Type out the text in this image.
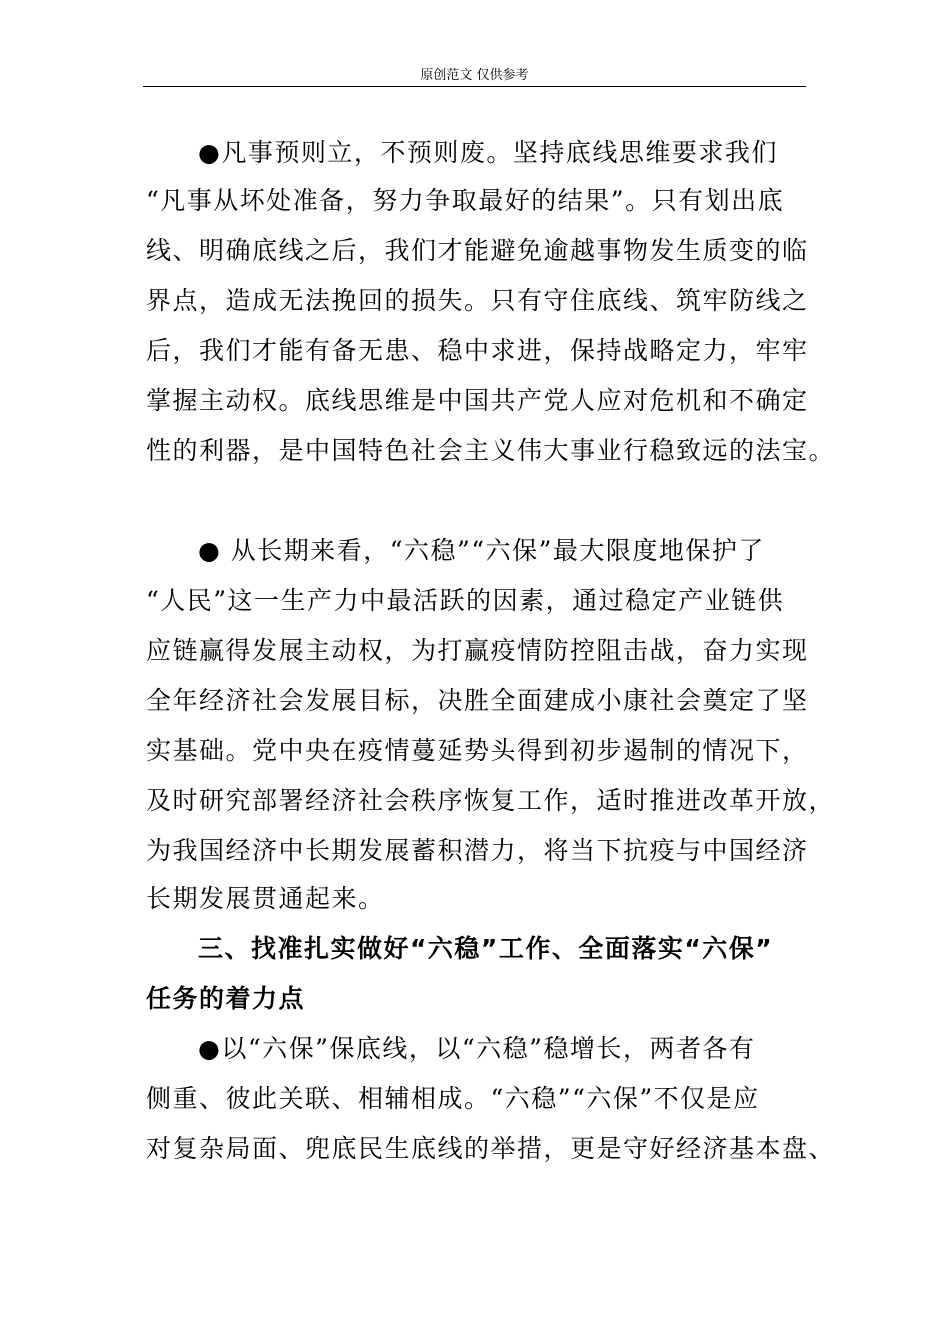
原创范文 仅供参考
●凡事预则立，不预则废。坚持底线思维要求我们
“凡事从坏处准备，努力争取最好的结果”。只有划出底
线、明确底线之后，我们才能避免逾越事物发生质变的临
界点，造成无法挽回的损失。只有守住底线、筑牢防线之
后，我们才能有备无患、稳中求进，保持战略定力，牢牢
掌握主动权。底线思维是中国共产党人应对危机和不确定
性的利器，是中国特色社会主义伟大事业行稳致远的法宝。
● 从长期来看，“六稳”“六保”最大限度地保护了
“人民”这一生产力中最活跃的因素，通过稳定产业链供
应链赢得发展主动权，为打赢疫情防控阻击战，奋力实现
全年经济社会发展目标，决胜全面建成小康社会奠定了坚
实基础。党中央在疫情蔓延势头得到初步遏制的情况下，
及时研究部署经济社会秩序恢复工作，适时推进改革开放，
为我国经济中长期发展蓄积潜力，将当下抗疫与中国经济
长期发展贯通起来。
三、找准扎实做好“六稳”工作、全面落实“六保”
任务的着力点
●以“六保”保底线，以“六稳”稳增长，两者各有
侧重、彼此关联、相辅相成。“六稳”“六保”不仅是应
对复杂局面、兜底民生底线的举措，更是守好经济基本盘、
